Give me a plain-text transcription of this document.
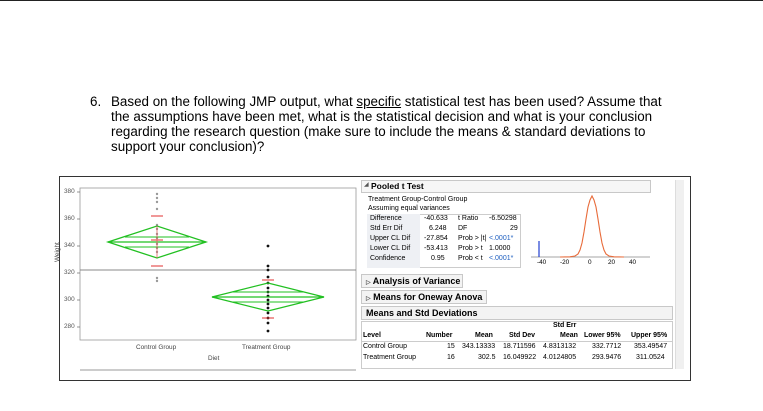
6. Based on the following JMP output, what specific statistical test has been used? Assume that the assumptions have been met, what is the statistical decision and what is your conclusion regarding the research question (make sure to include the means & standard deviations to support your conclusion)?
380
360
340
320
300
280
Weight
Control Group	Treatment Group
Diet
◢ Pooled t Test
Treatment Group-Control Group
Assuming equal variances
Difference	-40.633 t Ratio -6.50298
Std Err Dif	6.248 DF	29
Upper CL Dif -27.854 Prob > |t| <.0001*
Lower CL Dif -53.413 Prob > t 1.0000
Confidence	0.95 Prob < t <.0001*
-40 -20	0	20 40
▷ Analysis of Variance
▷ Means for Oneway Anova
Means and Std Deviations
Std Err
Level	Number	Mean Std Dev	Mean Lower 95% Upper 95%
Control Group	15 343.13333 18.711596 4.8313132 332.7712 353.49547
Treatment Group	16	302.5 16.049922 4.0124805 293.9476 311.0524
